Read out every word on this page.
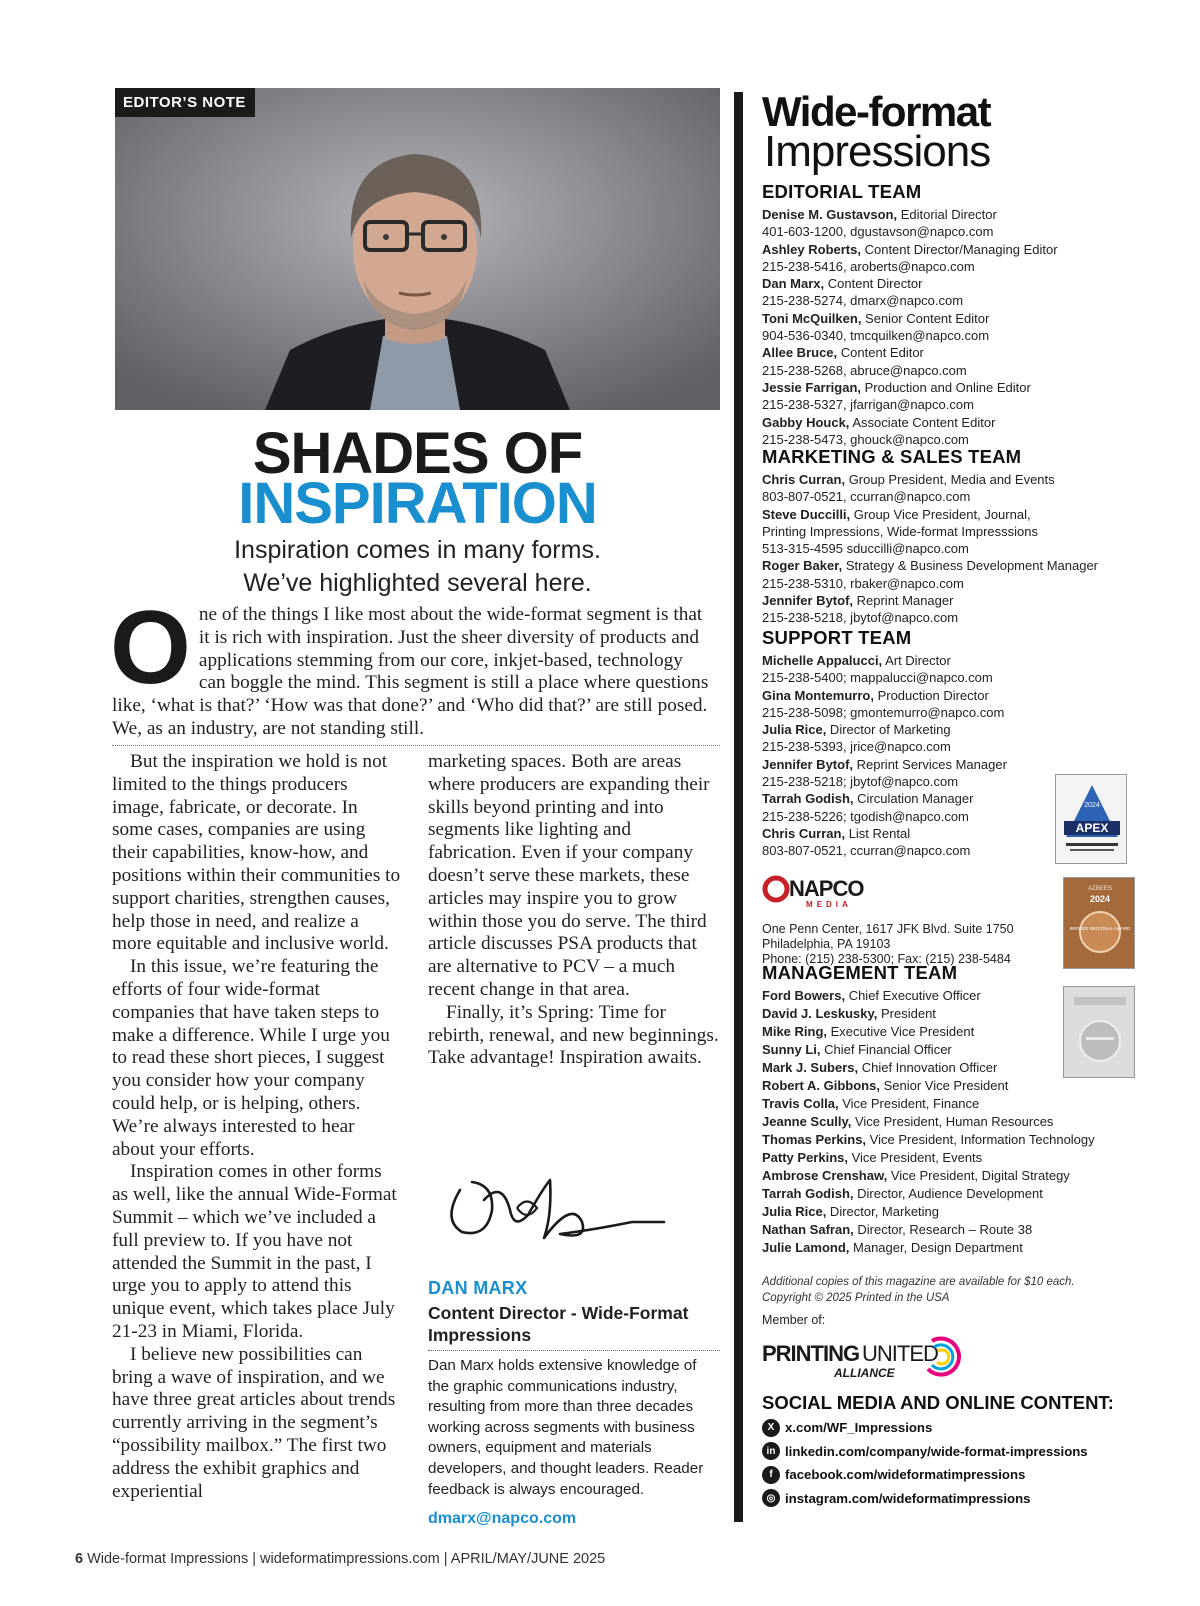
EDITOR’S NOTE
SHADES OF
INSPIRATION
Inspiration comes in many forms.
We’ve highlighted several here.
O ne of the things I like most about the wide-format segment is that it is rich with inspiration. Just the sheer diversity of products and applications stemming from our core, inkjet-based, technology can boggle the mind. This segment is still a place where questions like, ‘what is that?’ ‘How was that done?’ and ‘Who did that?’ are still posed. We, as an industry, are not standing still.

But the inspiration we hold is not limited to the things producers image, fabricate, or decorate. In some cases, companies are using their capabilities, know-how, and positions within their communities to support charities, strengthen causes, help those in need, and realize a more equitable and inclusive world.

In this issue, we’re featuring the efforts of four wide-format companies that have taken steps to make a difference. While I urge you to read these short pieces, I suggest you consider how your company could help, or is helping, others. We’re always interested to hear about your efforts.

Inspiration comes in other forms as well, like the annual Wide-Format Summit – which we’ve included a full preview to. If you have not attended the Summit in the past, I urge you to apply to attend this unique event, which takes place July 21-23 in Miami, Florida.

I believe new possibilities can bring a wave of inspiration, and we have three great articles about trends currently arriving in the segment’s “possibility mailbox.” The first two address the exhibit graphics and experiential

marketing spaces. Both are areas where producers are expanding their skills beyond printing and into segments like lighting and fabrication. Even if your company doesn’t serve these markets, these articles may inspire you to grow within those you do serve. The third article discusses PSA products that are alternative to PCV – a much recent change in that area.

Finally, it’s Spring: Time for rebirth, renewal, and new beginnings. Take advantage! Inspiration awaits.

DAN MARX
Content Director - Wide-Format Impressions
Dan Marx holds extensive knowledge of the graphic communications industry, resulting from more than three decades working across segments with business owners, equipment and materials developers, and thought leaders. Reader feedback is always encouraged.
dmarx@napco.com
6 Wide-format Impressions | wideformatimpressions.com | APRIL/MAY/JUNE 2025
Wide-format
Impressions
EDITORIAL TEAM
Denise M. Gustavson, Editorial Director
401-603-1200, dgustavson@napco.com
Ashley Roberts, Content Director/Managing Editor
215-238-5416, aroberts@napco.com
Dan Marx, Content Director
215-238-5274, dmarx@napco.com
Toni McQuilken, Senior Content Editor
904-536-0340, tmcquilken@napco.com
Allee Bruce, Content Editor
215-238-5268, abruce@napco.com
Jessie Farrigan, Production and Online Editor
215-238-5327, jfarrigan@napco.com
Gabby Houck, Associate Content Editor
215-238-5473, ghouck@napco.com
MARKETING & SALES TEAM
Chris Curran, Group President, Media and Events
803-807-0521, ccurran@napco.com
Steve Duccilli, Group Vice President, Journal,
Printing Impressions, Wide-format Impresssions
513-315-4595 sduccilli@napco.com
Roger Baker, Strategy & Business Development Manager
215-238-5310, rbaker@napco.com
Jennifer Bytof, Reprint Manager
215-238-5218, jbytof@napco.com
SUPPORT TEAM
Michelle Appalucci, Art Director
215-238-5400; mappalucci@napco.com
Gina Montemurro, Production Director
215-238-5098; gmontemurro@napco.com
Julia Rice, Director of Marketing
215-238-5393, jrice@napco.com
Jennifer Bytof, Reprint Services Manager
215-238-5218; jbytof@napco.com
Tarrah Godish, Circulation Manager
215-238-5226; tgodish@napco.com
Chris Curran, List Rental
803-807-0521, ccurran@napco.com
2024
APEX
AZBEES
2024
BRONZE REGIONAL AWARD
NAPCO
MEDIA
One Penn Center, 1617 JFK Blvd. Suite 1750
Philadelphia, PA 19103
Phone: (215) 238-5300; Fax: (215) 238-5484
MANAGEMENT TEAM
Ford Bowers, Chief Executive Officer
David J. Leskusky, President
Mike Ring, Executive Vice President
Sunny Li, Chief Financial Officer
Mark J. Subers, Chief Innovation Officer
Robert A. Gibbons, Senior Vice President
Travis Colla, Vice President, Finance
Jeanne Scully, Vice President, Human Resources
Thomas Perkins, Vice President, Information Technology
Patty Perkins, Vice President, Events
Ambrose Crenshaw, Vice President, Digital Strategy
Tarrah Godish, Director, Audience Development
Julia Rice, Director, Marketing
Nathan Safran, Director, Research – Route 38
Julie Lamond, Manager, Design Department
Additional copies of this magazine are available for $10 each.
Copyright © 2025 Printed in the USA
Member of:
PRINTING UNITED
ALLIANCE
SOCIAL MEDIA AND ONLINE CONTENT:
X x.com/WF_Impressions
in linkedin.com/company/wide-format-impressions
f facebook.com/wideformatimpressions
◎ instagram.com/wideformatimpressions
